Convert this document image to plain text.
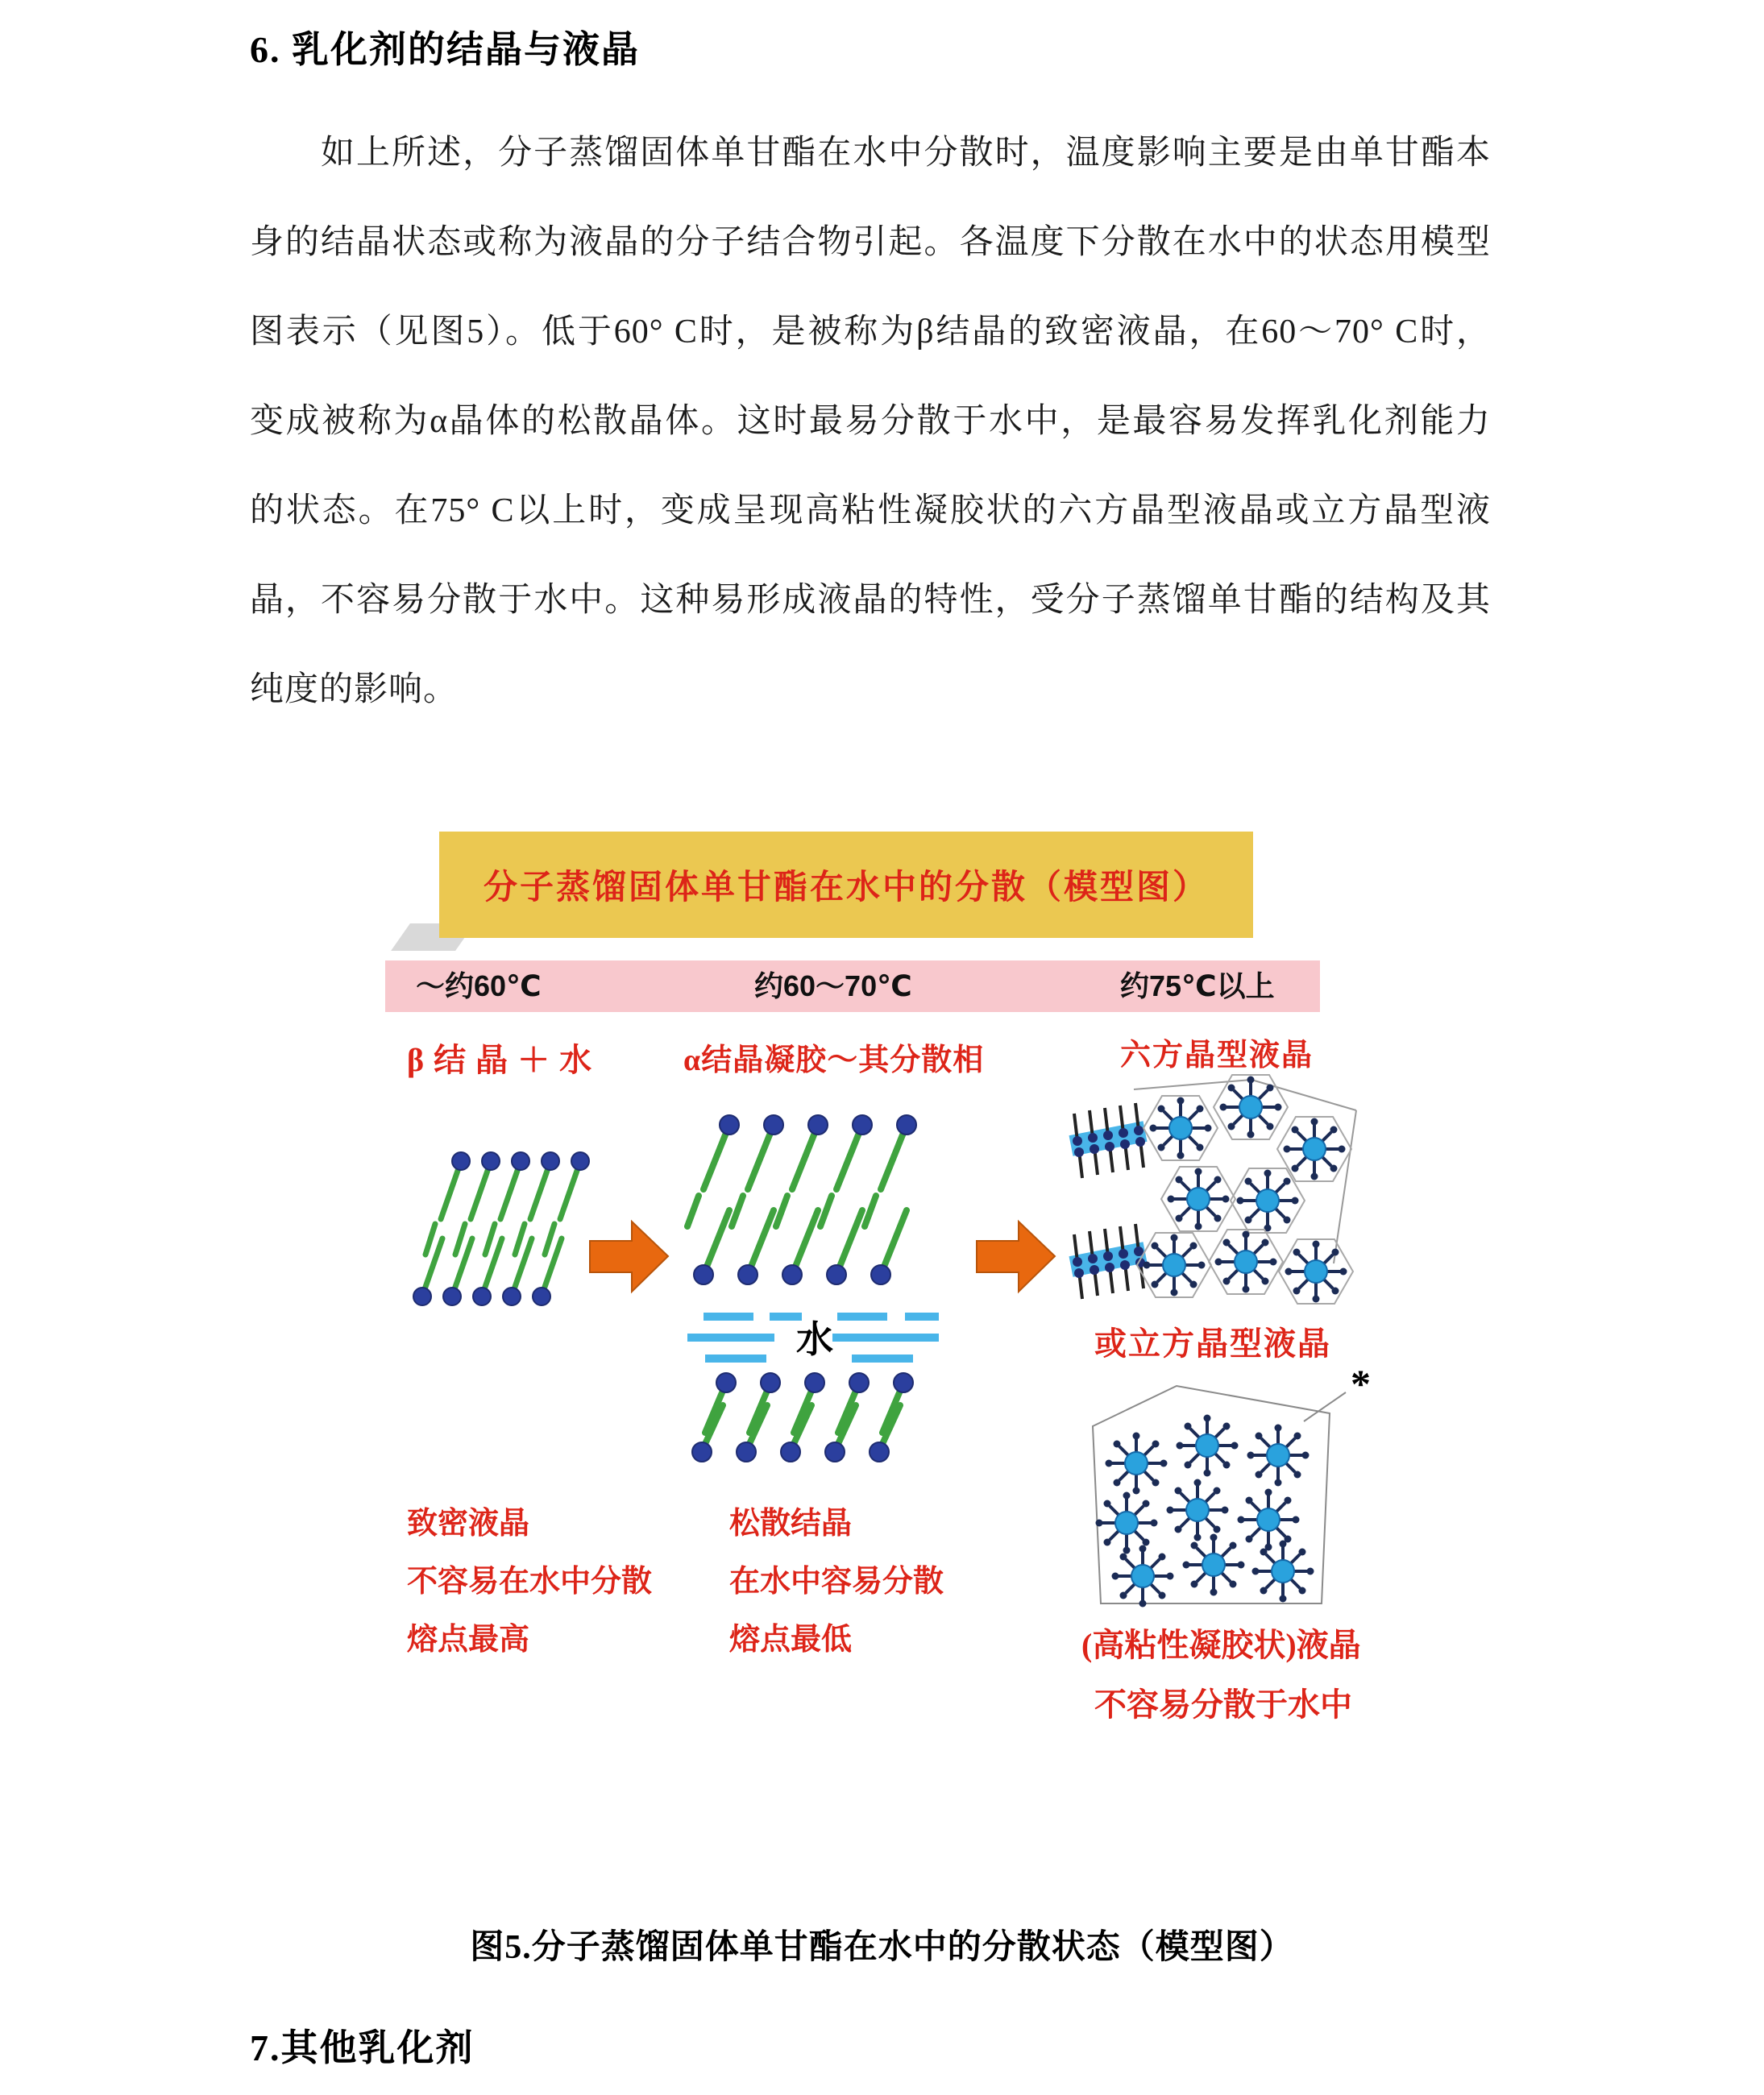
6. 乳化剂的结晶与液晶
如上所述，分子蒸馏固体单甘酯在水中分散时，温度影响主要是由单甘酯本
身的结晶状态或称为液晶的分子结合物引起。各温度下分散在水中的状态用模型
图表示（见图5）。低于60° C时，是被称为β结晶的致密液晶，在60～70° C时，
变成被称为α晶体的松散晶体。这时最易分散于水中，是最容易发挥乳化剂能力
的状态。在75° C以上时，变成呈现高粘性凝胶状的六方晶型液晶或立方晶型液
晶，不容易分散于水中。这种易形成液晶的特性，受分子蒸馏单甘酯的结构及其
纯度的影响。
分子蒸馏固体单甘酯在水中的分散（模型图）
～约60℃	约60～70℃	约75℃以上
β结晶＋水	α结晶凝胶～其分散相	六方晶型液晶
水	或立方晶型液晶
*
致密液晶
不容易在水中分散
熔点最高
松散结晶
在水中容易分散
熔点最低	(高粘性凝胶状)液晶
不容易分散于水中
图5.分子蒸馏固体单甘酯在水中的分散状态（模型图）
7.其他乳化剂
